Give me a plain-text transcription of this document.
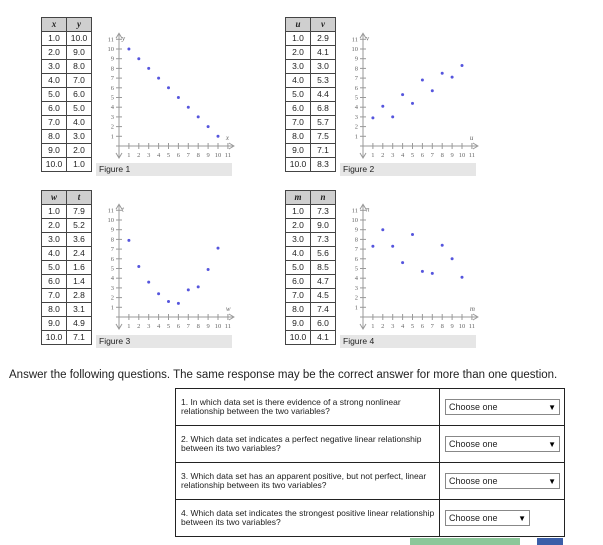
x	y
1.0	10.0
2.0	9.0
3.0	8.0
4.0	7.0
5.0	6.0
6.0	5.0
7.0	4.0
8.0	3.0
9.0	2.0
10.0	1.0
1 2 3 4 5 6 7 8 9 10 11
1
2
3
4
5
6
7
8
9
10
11
x
y
Figure 1
u	v
1.0	2.9
2.0	4.1
3.0	3.0
4.0	5.3
5.0	4.4
6.0	6.8
7.0	5.7
8.0	7.5
9.0	7.1
10.0	8.3
1 2 3 4 5 6 7 8 9 10 11
1
2
3
4
5
6
7
8
9
10
11
u
v
Figure 2
w	t
1.0	7.9
2.0	5.2
3.0	3.6
4.0	2.4
5.0	1.6
6.0	1.4
7.0	2.8
8.0	3.1
9.0	4.9
10.0	7.1
1 2 3 4 5 6 7 8 9 10 11
1
2
3
4
5
6
7
8
9
10
11
w
t
Figure 3
m	n
1.0	7.3
2.0	9.0
3.0	7.3
4.0	5.6
5.0	8.5
6.0	4.7
7.0	4.5
8.0	7.4
9.0	6.0
10.0	4.1
1 2 3 4 5 6 7 8 9 10 11
1
2
3
4
5
6
7
8
9
10
11
m
n
Figure 4
Answer the following questions. The same response may be the correct answer for more than one question.
1. In which data set is there evidence of a strong nonlinear relationship between the two variables?	Choose one ▼

2. Which data set indicates a perfect negative linear relationship between its two variables?	Choose one ▼

3. Which data set has an apparent positive, but not perfect, linear relationship between its two variables?	Choose one ▼

4. Which data set indicates the strongest positive linear relationship between its two variables?	Choose one ▼
